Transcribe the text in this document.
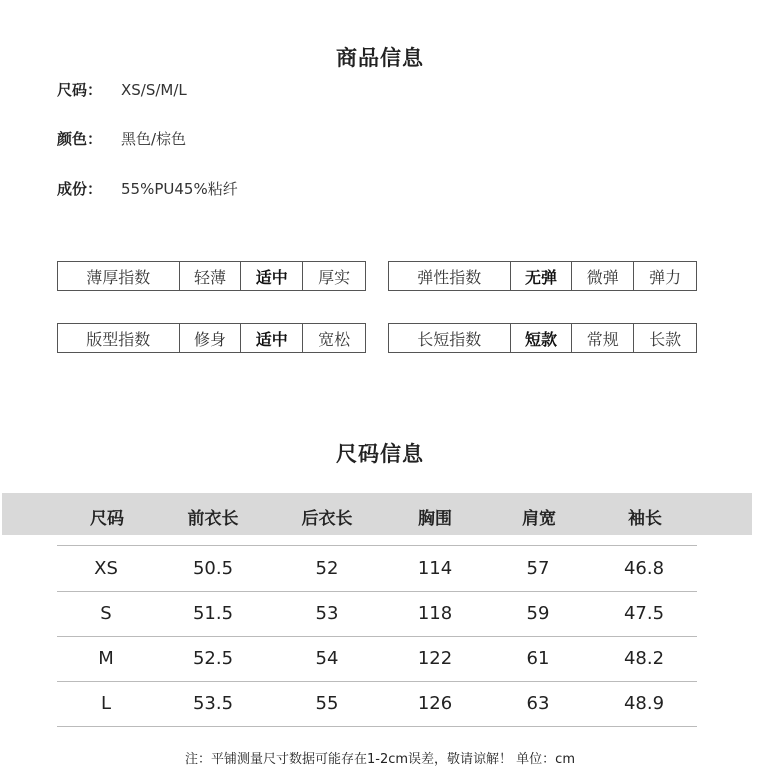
商品信息
尺码： XS/S/M/L
颜色： 黑色/棕色
成份： 55%PU45%粘纤
薄厚指数	轻薄	适中	厚实	弹性指数	无弹	微弹	弹力
版型指数	修身	适中	宽松	长短指数	短款	常规	长款
尺码信息
尺码	前衣长	后衣长	胸围	肩宽	袖长
XS	50.5	52	114	57	46.8
S	51.5	53	118	59	47.5
M	52.5	54	122	61	48.2
L	53.5	55	126	63	48.9
注：平铺测量尺寸数据可能存在1-2cm误差，敬请谅解！ 单位：cm
